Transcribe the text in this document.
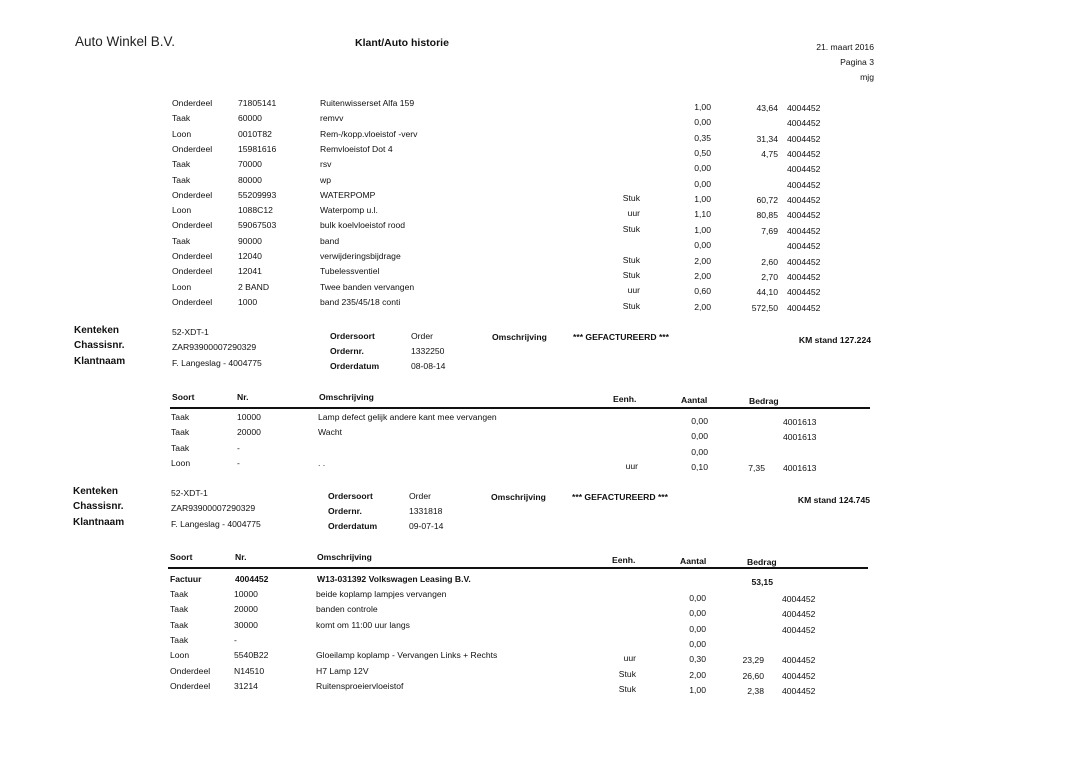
Auto Winkel B.V.	Klant/Auto historie	21. maart 2016
Pagina 3
mjg
Onderdeel	71805141	Ruitenwisserset Alfa 159	1,00	43,64 4004452
Taak	60000	remvv	0,00	4004452
Loon	0010T82	Rem-/kopp.vloeistof -verv	0,35	31,34 4004452
Onderdeel	15981616	Remvloeistof Dot 4	0,50	4,75 4004452
Taak	70000	rsv	0,00	4004452
Taak	80000	wp	0,00	4004452
Onderdeel	55209993	WATERPOMP	Stuk	1,00	60,72 4004452
Loon	1088C12	Waterpomp u.l.	uur	1,10	80,85 4004452
Onderdeel	59067503	bulk koelvloeistof rood	Stuk	1,00	7,69 4004452
Taak	90000	band	0,00	4004452
Onderdeel	12040	verwijderingsbijdrage	Stuk	2,00	2,60 4004452
Onderdeel	12041	Tubelessventiel	Stuk	2,00	2,70 4004452
Loon	2 BAND	Twee banden vervangen	uur	0,60	44,10 4004452
Onderdeel	1000	band 235/45/18 conti	Stuk	2,00	572,50 4004452
Kenteken	52-XDT-1
Chassisnr.	ZAR93900007290329
Klantnaam	F. Langeslag - 4004775
Ordersoort	Order
Ordernr.	1332250
Orderdatum	08-08-14
Omschrijving	*** GEFACTUREERD ***	KM stand 127.224
Soort	Nr.	Omschrijving	Eenh.	Aantal	Bedrag
Taak	10000	Lamp defect gelijk andere kant mee vervangen	0,00	4001613
Taak	20000	Wacht	0,00	4001613
Taak	-	0,00
Loon	-	. .	uur	0,10	7,35 4001613
Kenteken	52-XDT-1
Chassisnr.	ZAR93900007290329
Klantnaam	F. Langeslag - 4004775
Ordersoort	Order
Ordernr.	1331818
Orderdatum	09-07-14
Omschrijving	*** GEFACTUREERD ***	KM stand 124.745
Soort	Nr.	Omschrijving	Eenh.	Aantal	Bedrag
Factuur	4004452	W13-031392 Volkswagen Leasing B.V.	53,15
Taak	10000	beide koplamp lampjes vervangen	0,00	4004452
Taak	20000	banden controle	0,00	4004452
Taak	30000	komt om 11:00 uur langs	0,00	4004452
Taak	-	0,00
Loon	5540B22	Gloeilamp koplamp - Vervangen Links + Rechts	uur	0,30	23,29 4004452
Onderdeel	N14510	H7 Lamp 12V	Stuk	2,00	26,60 4004452
Onderdeel	31214	Ruitensproeiervloeistof	Stuk	1,00	2,38 4004452
